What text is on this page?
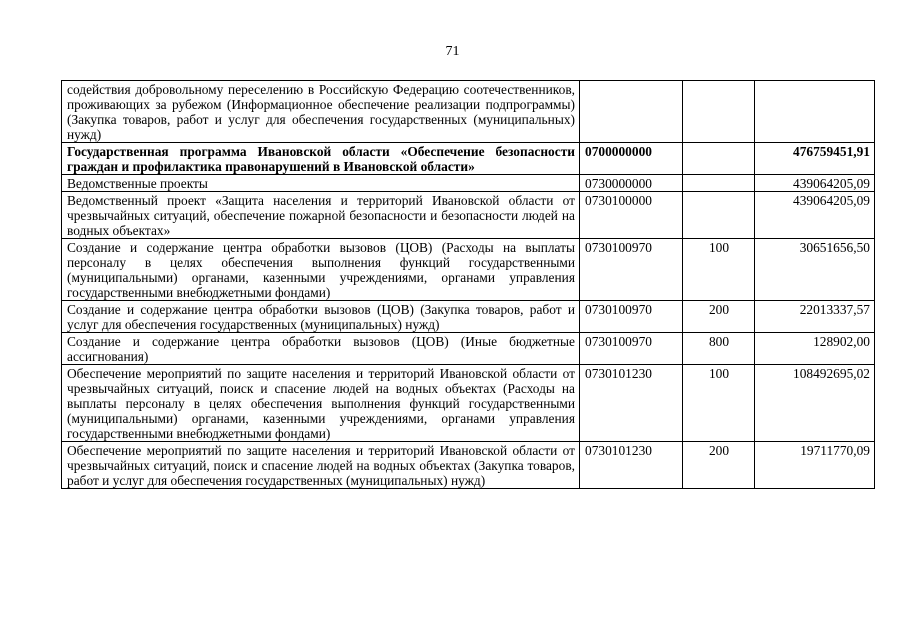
71
содействия добровольному переселению в Российскую Федерацию соотечественников, проживающих за рубежом (Информационное обеспечение реализации подпрограммы) (Закупка товаров, работ и услуг для обеспечения государственных (муниципальных) нужд)			
Государственная программа Ивановской области «Обеспечение безопасности граждан и профилактика правонарушений в Ивановской области»	0700000000		476759451,91
Ведомственные проекты	0730000000		439064205,09
Ведомственный проект «Защита населения и территорий Ивановской области от чрезвычайных ситуаций, обеспечение пожарной безопасности и безопасности людей на водных объектах»	0730100000		439064205,09
Создание и содержание центра обработки вызовов (ЦОВ) (Расходы на выплаты персоналу в целях обеспечения выполнения функций государственными (муниципальными) органами, казенными учреждениями, органами управления государственными внебюджетными фондами)	0730100970	100	30651656,50
Создание и содержание центра обработки вызовов (ЦОВ) (Закупка товаров, работ и услуг для обеспечения государственных (муниципальных) нужд)	0730100970	200	22013337,57
Создание и содержание центра обработки вызовов (ЦОВ) (Иные бюджетные ассигнования)	0730100970	800	128902,00
Обеспечение мероприятий по защите населения и территорий Ивановской области от чрезвычайных ситуаций, поиск и спасение людей на водных объектах (Расходы на выплаты персоналу в целях обеспечения выполнения функций государственными (муниципальными) органами, казенными учреждениями, органами управления государственными внебюджетными фондами)	0730101230	100	108492695,02
Обеспечение мероприятий по защите населения и территорий Ивановской области от чрезвычайных ситуаций, поиск и спасение людей на водных объектах (Закупка товаров, работ и услуг для обеспечения государственных (муниципальных) нужд)	0730101230	200	19711770,09
